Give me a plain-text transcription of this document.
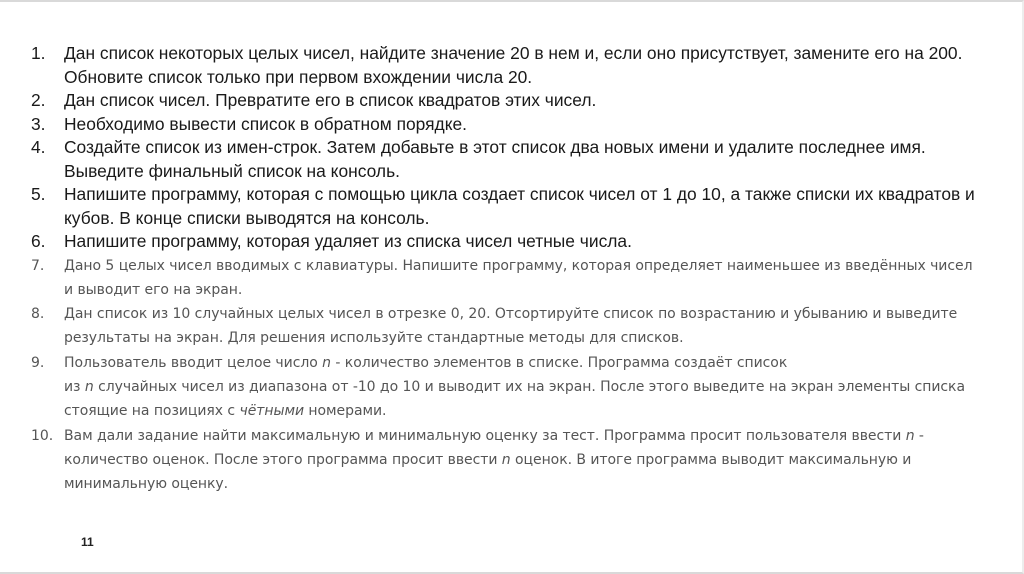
1. Дан список некоторых целых чисел, найдите значение 20 в нем и, если оно присутствует, замените его на 200. Обновите список только при первом вхождении числа 20.
2. Дан список чисел. Превратите его в список квадратов этих чисел.
3. Необходимо вывести список в обратном порядке.
4. Создайте список из имен-строк. Затем добавьте в этот список два новых имени и удалите последнее имя. Выведите финальный список на консоль.
5. Напишите программу, которая с помощью цикла создает список чисел от 1 до 10, а также списки их квадратов и кубов. В конце списки выводятся на консоль.
6. Напишите программу, которая удаляет из списка чисел четные числа.
7. Дано 5 целых чисел вводимых с клавиатуры. Напишите программу, которая определяет наименьшее из введённых чисел и выводит его на экран.
8. Дан список из 10 случайных целых чисел в отрезке 0, 20. Отсортируйте список по возрастанию и убыванию и выведите результаты на экран. Для решения используйте стандартные методы для списков.
9. Пользователь вводит целое число n - количество элементов в списке. Программа создаёт список
из n случайных чисел из диапазона от -10 до 10 и выводит их на экран. После этого выведите на экран элементы списка стоящие на позициях с чётными номерами.
10. Вам дали задание найти максимальную и минимальную оценку за тест. Программа просит пользователя ввести n - количество оценок. После этого программа просит ввести n оценок. В итоге программа выводит максимальную и минимальную оценку.
11
